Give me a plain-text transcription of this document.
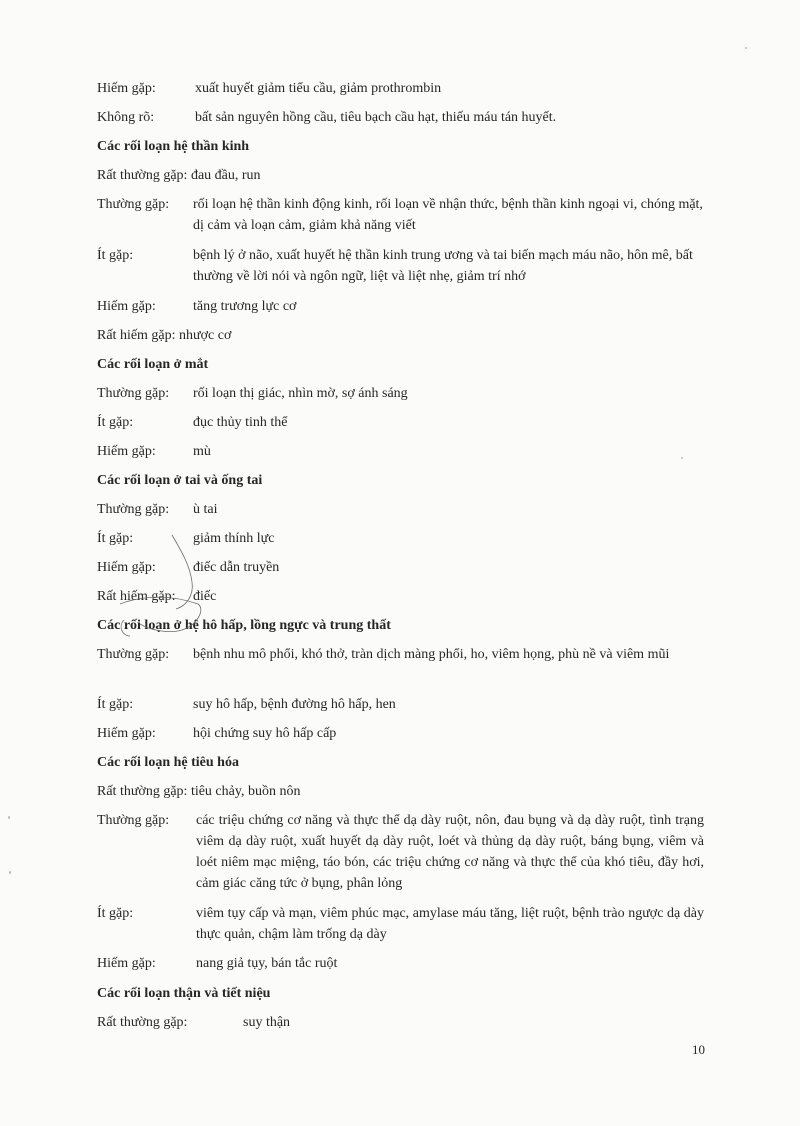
Hiếm gặp:	xuất huyết giảm tiểu cầu, giảm prothrombin
Không rõ:	bất sản nguyên hồng cầu, tiêu bạch cầu hạt, thiếu máu tán huyết.
Các rối loạn hệ thần kinh
Rất thường gặp: đau đầu, run
Thường gặp: rối loạn hệ thần kinh động kinh, rối loạn về nhận thức, bệnh thần kinh ngoại vi, chóng mặt, dị cảm và loạn cảm, giảm khả năng viết
Ít gặp:	bệnh lý ở não, xuất huyết hệ thần kinh trung ương và tai biến mạch máu não, hôn mê, bất thường về lời nói và ngôn ngữ, liệt và liệt nhẹ, giảm trí nhớ
Hiếm gặp:	tăng trương lực cơ
Rất hiếm gặp: nhược cơ
Các rối loạn ở mắt
Thường gặp: rối loạn thị giác, nhìn mờ, sợ ánh sáng
Ít gặp:	đục thủy tinh thể
Hiếm gặp:	mù
Các rối loạn ở tai và ống tai
Thường gặp: ù tai
Ít gặp:	giảm thính lực
Hiếm gặp:	điếc dẫn truyền
Rất hiếm gặp: điếc
Các rối loạn ở hệ hô hấp, lồng ngực và trung thất
Thường gặp: bệnh nhu mô phổi, khó thở, tràn dịch màng phổi, ho, viêm họng, phù nề và viêm mũi
Ít gặp:	suy hô hấp, bệnh đường hô hấp, hen
Hiếm gặp:	hội chứng suy hô hấp cấp
Các rối loạn hệ tiêu hóa
Rất thường gặp: tiêu chảy, buồn nôn
Thường gặp: các triệu chứng cơ năng và thực thể dạ dày ruột, nôn, đau bụng và dạ dày ruột, tình trạng viêm dạ dày ruột, xuất huyết dạ dày ruột, loét và thủng dạ dày ruột, báng bụng, viêm và loét niêm mạc miệng, táo bón, các triệu chứng cơ năng và thực thể của khó tiêu, đầy hơi, cảm giác căng tức ở bụng, phân lỏng
Ít gặp:	viêm tụy cấp và mạn, viêm phúc mạc, amylase máu tăng, liệt ruột, bệnh trào ngược dạ dày thực quản, chậm làm trống dạ dày
Hiếm gặp:	nang giả tụy, bán tắc ruột
Các rối loạn thận và tiết niệu
Rất thường gặp:	suy thận
10
